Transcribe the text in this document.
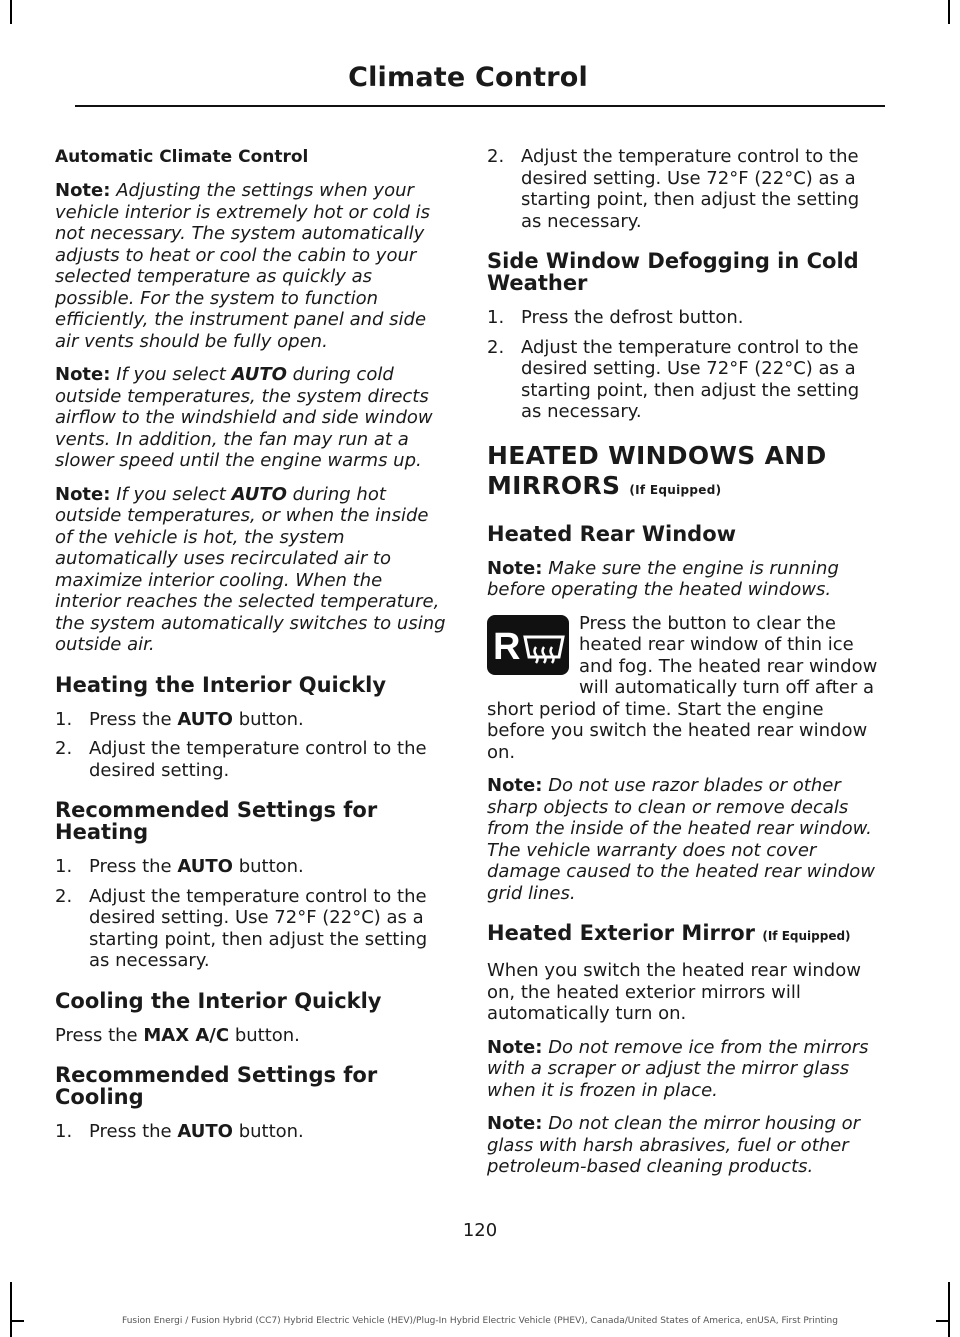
Climate Control
Automatic Climate Control

Note: Adjusting the settings when your vehicle interior is extremely hot or cold is not necessary. The system automatically adjusts to heat or cool the cabin to your selected temperature as quickly as possible. For the system to function efficiently, the instrument panel and side air vents should be fully open.

Note: If you select AUTO during cold outside temperatures, the system directs airflow to the windshield and side window vents. In addition, the fan may run at a slower speed until the engine warms up.

Note: If you select AUTO during hot outside temperatures, or when the inside of the vehicle is hot, the system automatically uses recirculated air to maximize interior cooling. When the interior reaches the selected temperature, the system automatically switches to using outside air.

Heating the Interior Quickly
1. Press the AUTO button.
2. Adjust the temperature control to the desired setting.
Recommended Settings for Heating
1. Press the AUTO button.
2. Adjust the temperature control to the desired setting. Use 72°F (22°C) as a starting point, then adjust the setting as necessary.
Cooling the Interior Quickly

Press the MAX A/C button.

Recommended Settings for Cooling
1. Press the AUTO button.
2. Adjust the temperature control to the desired setting. Use 72°F (22°C) as a starting point, then adjust the setting as necessary.
Side Window Defogging in Cold Weather
1. Press the defrost button.
2. Adjust the temperature control to the desired setting. Use 72°F (22°C) as a starting point, then adjust the setting as necessary.
HEATED WINDOWS AND
MIRRORS (If Equipped)
Heated Rear Window

Note: Make sure the engine is running before operating the heated windows.

R
Press the button to clear the heated rear window of thin ice and fog. The heated rear window will automatically turn off after a short period of time. Start the engine before you switch the heated rear window on.

Note: Do not use razor blades or other sharp objects to clean or remove decals from the inside of the heated rear window. The vehicle warranty does not cover damage caused to the heated rear window grid lines.

Heated Exterior Mirror (If Equipped)

When you switch the heated rear window on, the heated exterior mirrors will automatically turn on.

Note: Do not remove ice from the mirrors with a scraper or adjust the mirror glass when it is frozen in place.

Note: Do not clean the mirror housing or glass with harsh abrasives, fuel or other petroleum-based cleaning products.

120
Fusion Energi / Fusion Hybrid (CC7) Hybrid Electric Vehicle (HEV)/Plug-In Hybrid Electric Vehicle (PHEV), Canada/United States of America, enUSA, First Printing
